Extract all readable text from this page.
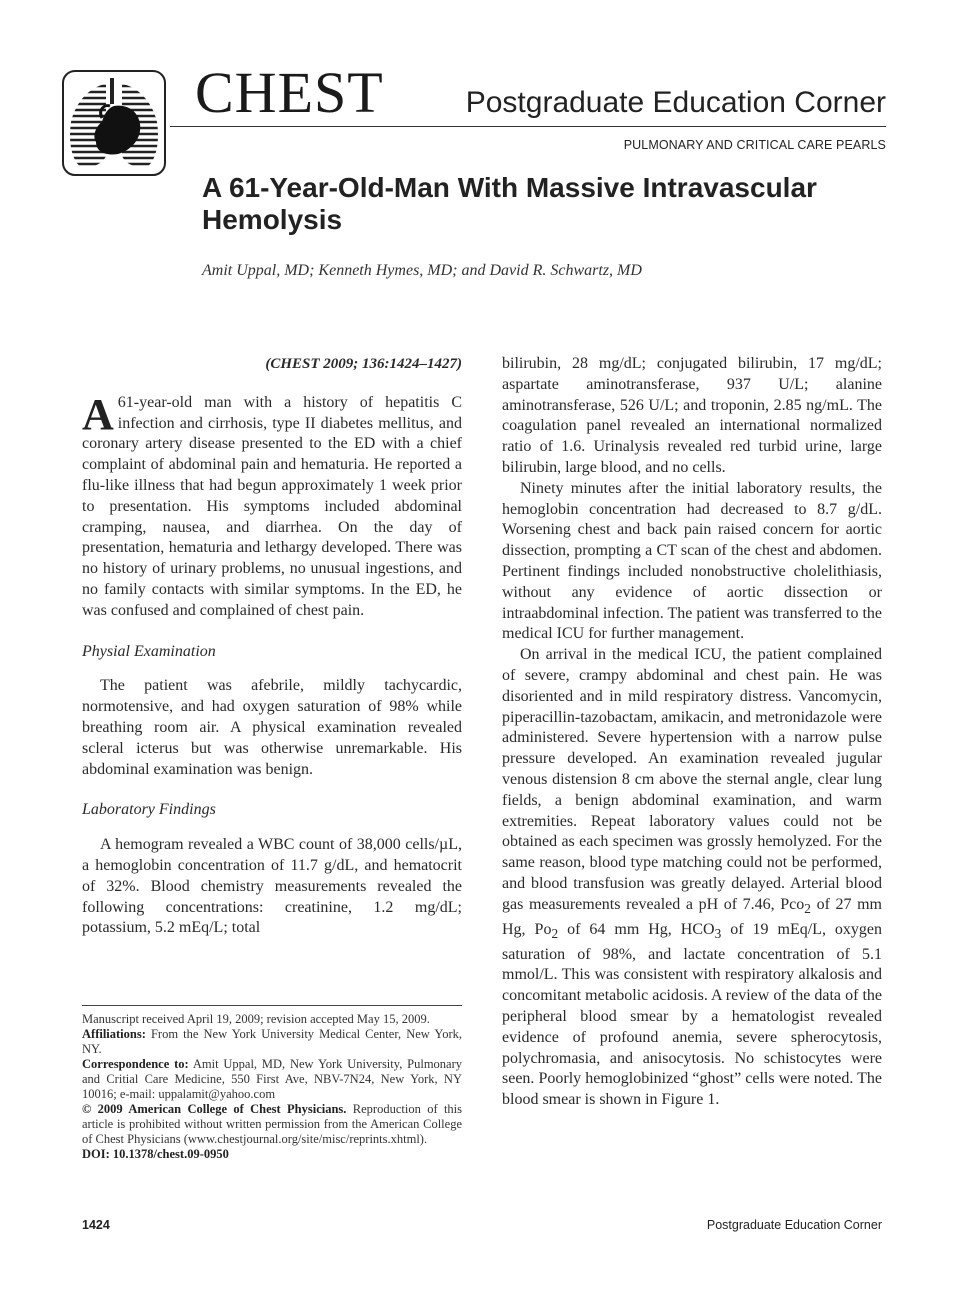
CHEST	Postgraduate Education Corner
PULMONARY AND CRITICAL CARE PEARLS
A 61-Year-Old-Man With Massive Intravascular Hemolysis
Amit Uppal, MD; Kenneth Hymes, MD; and David R. Schwartz, MD

(CHEST 2009; 136:1424–1427)

A 61-year-old man with a history of hepatitis C infection and cirrhosis, type II diabetes mellitus, and coronary artery disease presented to the ED with a chief complaint of abdominal pain and hematuria. He reported a flu-like illness that had begun approximately 1 week prior to presentation. His symptoms included abdominal cramping, nausea, and diarrhea. On the day of presentation, hematuria and lethargy developed. There was no history of urinary problems, no unusual ingestions, and no family contacts with similar symptoms. In the ED, he was confused and complained of chest pain.

Physial Examination

The patient was afebrile, mildly tachycardic, normotensive, and had oxygen saturation of 98% while breathing room air. A physical examination revealed scleral icterus but was otherwise unremarkable. His abdominal examination was benign.

Laboratory Findings

A hemogram revealed a WBC count of 38,000 cells/µL, a hemoglobin concentration of 11.7 g/dL, and hematocrit of 32%. Blood chemistry measurements revealed the following concentrations: creatinine, 1.2 mg/dL; potassium, 5.2 mEq/L; total

Manuscript received April 19, 2009; revision accepted May 15, 2009.

Affiliations: From the New York University Medical Center, New York, NY.

Correspondence to: Amit Uppal, MD, New York University, Pulmonary and Critial Care Medicine, 550 First Ave, NBV-7N24, New York, NY 10016; e-mail: uppalamit@yahoo.com

© 2009 American College of Chest Physicians. Reproduction of this article is prohibited without written permission from the American College of Chest Physicians (www.chestjournal.org/site/misc/reprints.xhtml).

DOI: 10.1378/chest.09-0950

bilirubin, 28 mg/dL; conjugated bilirubin, 17 mg/dL; aspartate aminotransferase, 937 U/L; alanine aminotransferase, 526 U/L; and troponin, 2.85 ng/mL. The coagulation panel revealed an international normalized ratio of 1.6. Urinalysis revealed red turbid urine, large bilirubin, large blood, and no cells.

Ninety minutes after the initial laboratory results, the hemoglobin concentration had decreased to 8.7 g/dL. Worsening chest and back pain raised concern for aortic dissection, prompting a CT scan of the chest and abdomen. Pertinent findings included nonobstructive cholelithiasis, without any evidence of aortic dissection or intraabdominal infection. The patient was transferred to the medical ICU for further management.

On arrival in the medical ICU, the patient complained of severe, crampy abdominal and chest pain. He was disoriented and in mild respiratory distress. Vancomycin, piperacillin-tazobactam, amikacin, and metronidazole were administered. Severe hypertension with a narrow pulse pressure developed. An examination revealed jugular venous distension 8 cm above the sternal angle, clear lung fields, a benign abdominal examination, and warm extremities. Repeat laboratory values could not be obtained as each specimen was grossly hemolyzed. For the same reason, blood type matching could not be performed, and blood transfusion was greatly delayed. Arterial blood gas measurements revealed a pH of 7.46, Pco$_2$ of 27 mm Hg, $Po_2$ of 64 mm Hg, $HCO_3$ of 19 mEq/L, oxygen saturation of 98%, and lactate concentration of 5.1 mmol/L. This was consistent with respiratory alkalosis and concomitant metabolic acidosis. A review of the data of the peripheral blood smear by a hematologist revealed evidence of profound anemia, severe spherocytosis, polychromasia, and anisocytosis. No schistocytes were seen. Poorly hemoglobinized “ghost” cells were noted. The blood smear is shown in Figure 1.

1424	Postgraduate Education Corner
